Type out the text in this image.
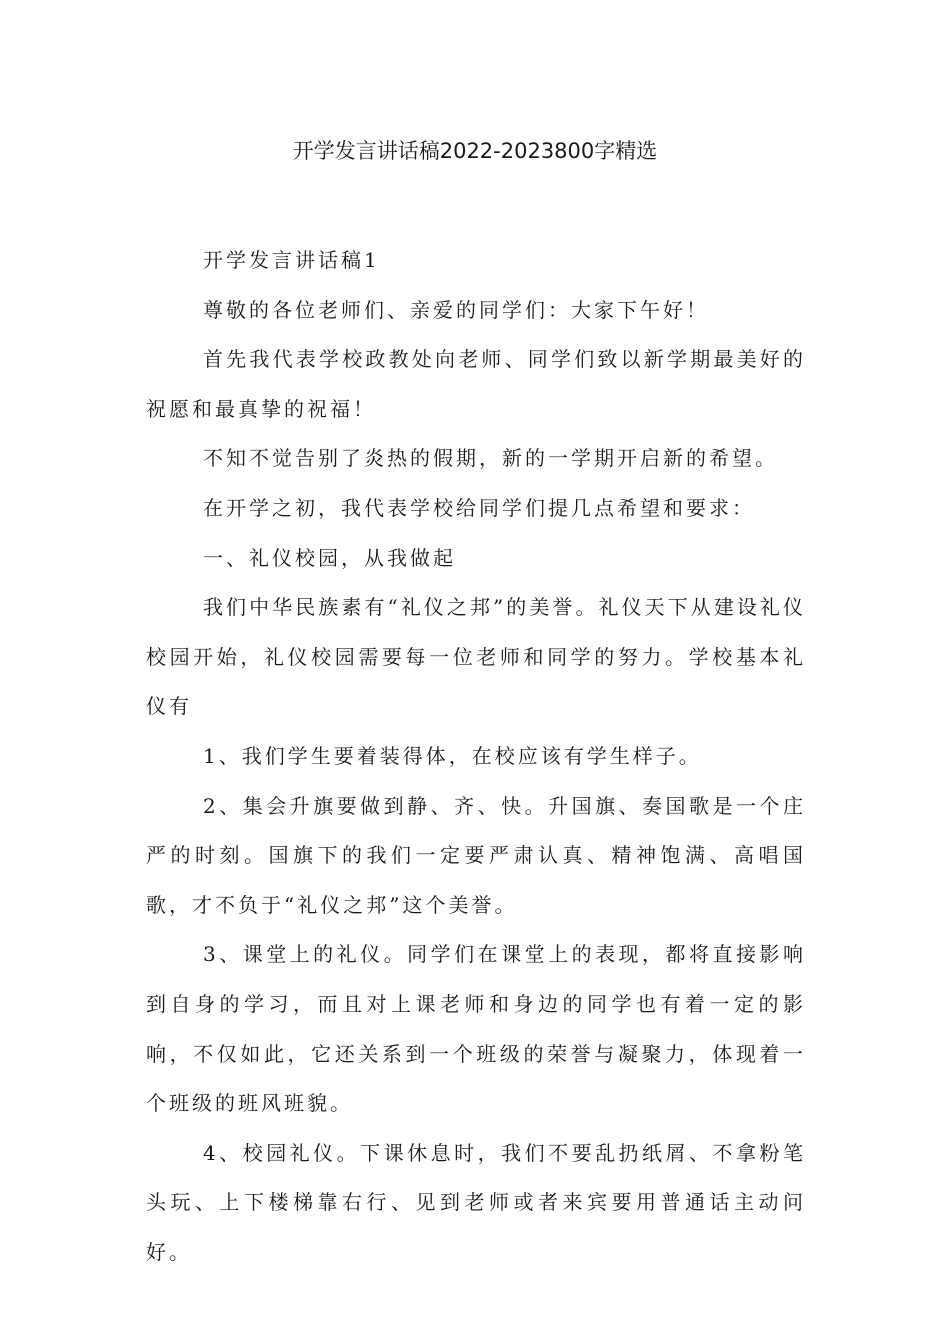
开学发言讲话稿2022-2023800字精选

开学发言讲话稿1

尊敬的各位老师们、亲爱的同学们：大家下午好！

首先我代表学校政教处向老师、同学们致以新学期最美好的祝愿和最真挚的祝福！

不知不觉告别了炎热的假期，新的一学期开启新的希望。

在开学之初，我代表学校给同学们提几点希望和要求：

一、礼仪校园，从我做起

我们中华民族素有“礼仪之邦”的美誉。礼仪天下从建设礼仪校园开始，礼仪校园需要每一位老师和同学的努力。学校基本礼仪有

1、我们学生要着装得体，在校应该有学生样子。

2、集会升旗要做到静、齐、快。升国旗、奏国歌是一个庄严的时刻。国旗下的我们一定要严肃认真、精神饱满、高唱国歌，才不负于“礼仪之邦”这个美誉。

3、课堂上的礼仪。同学们在课堂上的表现，都将直接影响到自身的学习，而且对上课老师和身边的同学也有着一定的影响，不仅如此，它还关系到一个班级的荣誉与凝聚力，体现着一个班级的班风班貌。

4、校园礼仪。下课休息时，我们不要乱扔纸屑、不拿粉笔头玩、上下楼梯靠右行、见到老师或者来宾要用普通话主动问好。
